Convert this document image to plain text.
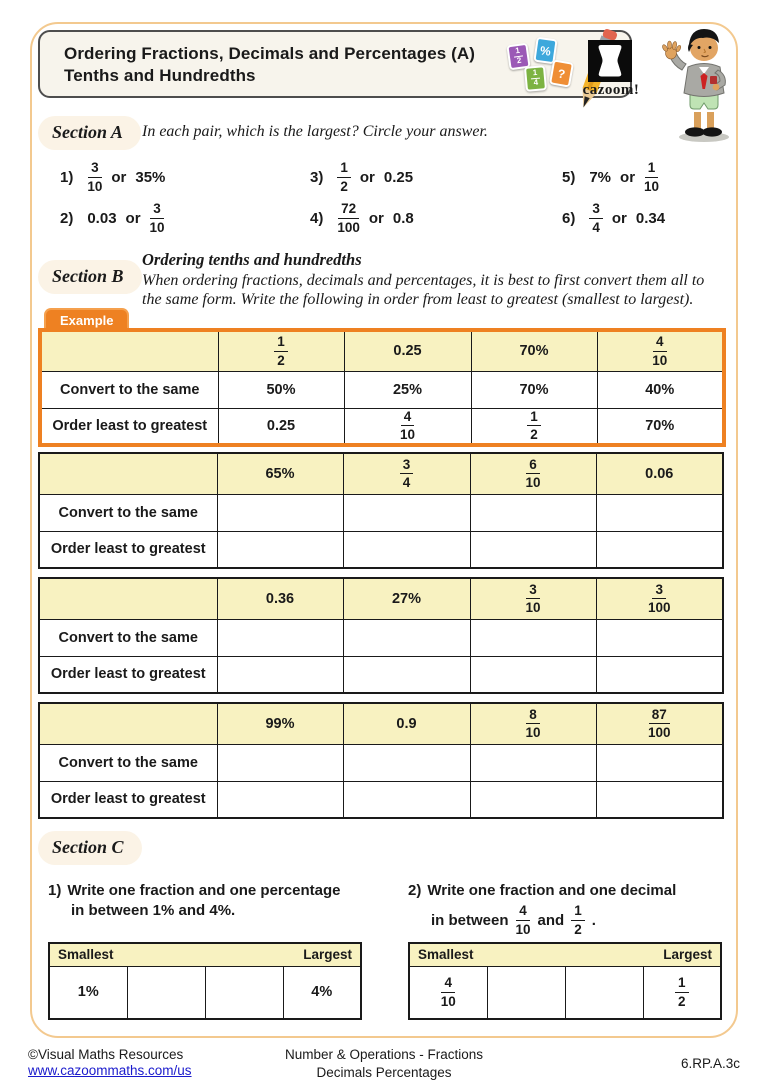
Ordering Fractions, Decimals and Percentages (A)
Tenths and Hundredths
1
2
%
1
4
?
cazoom!
Section A	In each pair, which is the largest? Circle your answer.
$1) \frac{3}{10}$ or 35%	$3) \frac{1}{2}$ or 0.25	5) 7% or $\frac{1}{10}$
2) 0.03 or $\frac{3}{10}$	$4) \frac{72}{100}$ or 0.8	$6) \frac{3}{4}$ or 0.34
Section B
Ordering tenths and hundredths
When ordering fractions, decimals and percentages, it is best to first convert them all to
the same form. Write the following in order from least to greatest (smallest to largest).
Example

	$\frac{1}{2}$	0.25	70%	$\frac{4}{10}$

Convert to the same	50%	25%	70%	40%
Order least to greatest	0.25	$\frac{4}{10}$	$\frac{1}{2}$	70%
	65%	$\frac{3}{4}$	$\frac{6}{10}$	0.06
Convert to the same				
Order least to greatest				
	0.36	27%	$\frac{3}{10}$	$\frac{3}{100}$

Convert to the same				
Order least to greatest				
	99%	0.9	$\frac{8}{10}$	$\frac{87}{100}$

Convert to the same				
Order least to greatest				
Section C
1) Write one fraction and one percentage
in between 1% and 4%.
2) Write one fraction and one decimal
in between $\frac{4}{10}$ and $\frac{1}{2}$ .
Smallest	Largest

1%			4%
Smallest	Largest

$\frac{4}{10}$			$\frac{1}{2}$
©Visual Maths Resources
www.cazoommaths.com/us
Number & Operations - Fractions
Decimals Percentages
6.RP.A.3c
